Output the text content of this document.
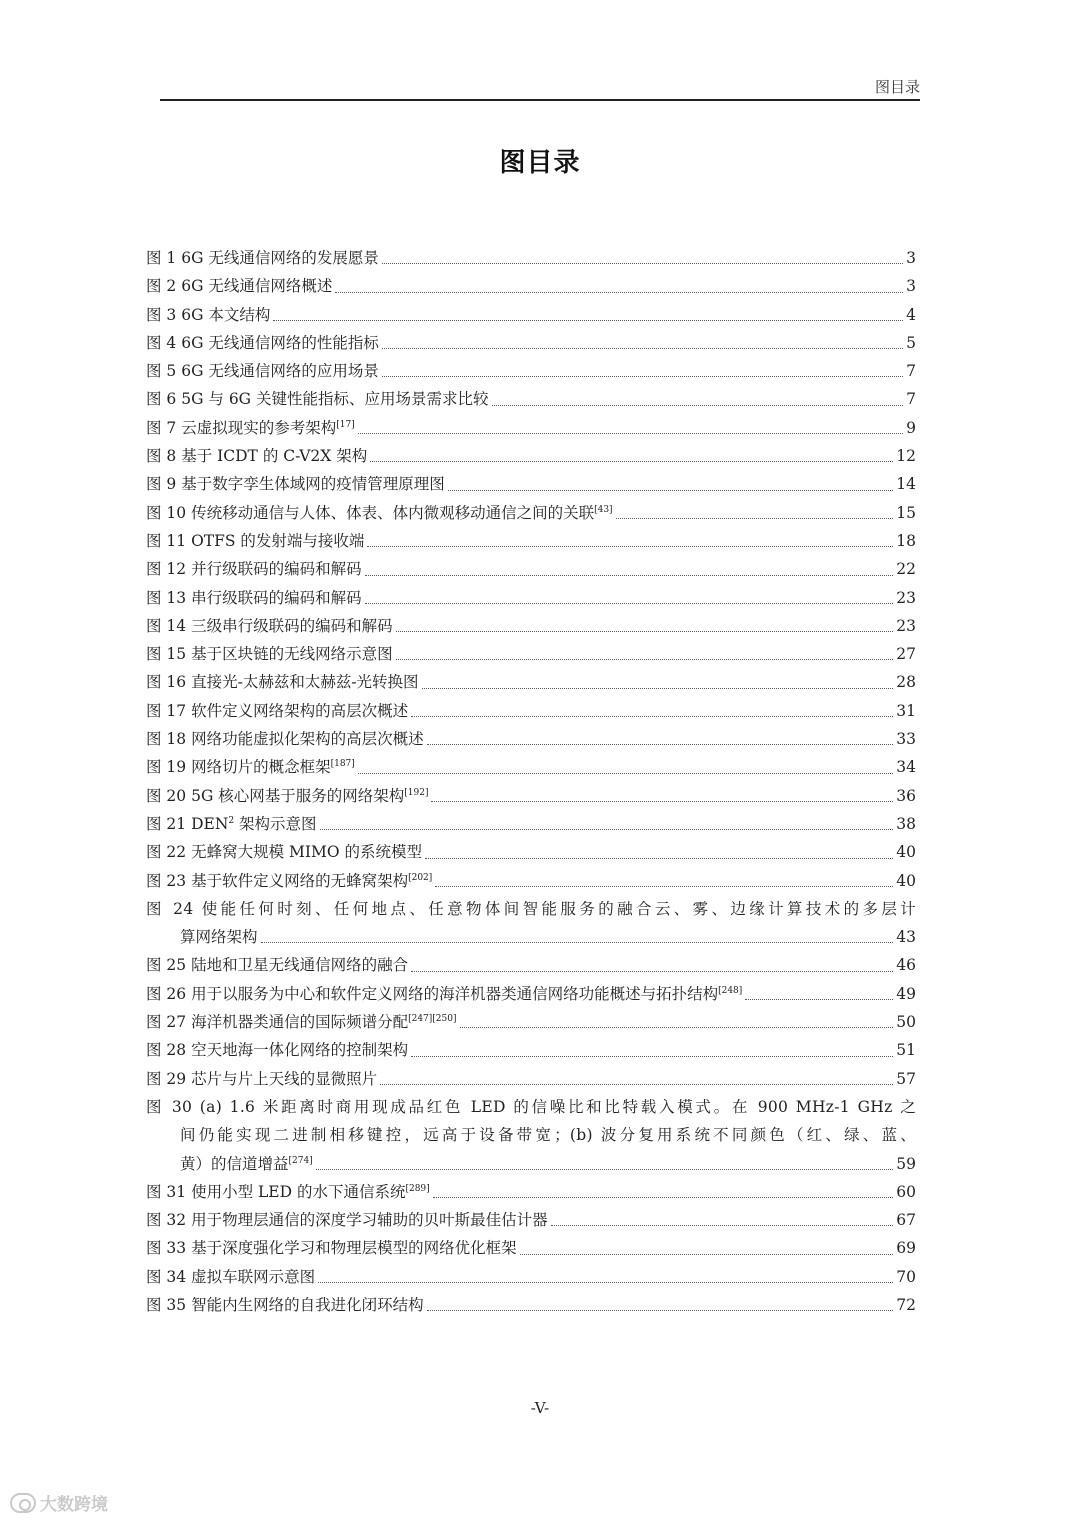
图目录
图目录
图 1 6G 无线通信网络的发展愿景	3
图 2 6G 无线通信网络概述	3
图 3 6G 本文结构	4
图 4 6G 无线通信网络的性能指标	5
图 5 6G 无线通信网络的应用场景	7
图 6 5G 与 6G 关键性能指标、应用场景需求比较	7
图 7 云虚拟现实的参考架构[17]	9
图 8 基于 ICDT 的 C-V2X 架构	12
图 9 基于数字孪生体域网的疫情管理原理图	14
图 10 传统移动通信与人体、体表、体内微观移动通信之间的关联[43]	15
图 11 OTFS 的发射端与接收端	18
图 12 并行级联码的编码和解码	22
图 13 串行级联码的编码和解码	23
图 14 三级串行级联码的编码和解码	23
图 15 基于区块链的无线网络示意图	27
图 16 直接光-太赫兹和太赫兹-光转换图	28
图 17 软件定义网络架构的高层次概述	31
图 18 网络功能虚拟化架构的高层次概述	33
图 19 网络切片的概念框架[187]	34
图 20 5G 核心网基于服务的网络架构[192]	36
图 21 DEN$^2$ 架构示意图	38
图 22 无蜂窝大规模 MIMO 的系统模型	40
图 23 基于软件定义网络的无蜂窝架构[202]	40
图 24 使能任何时刻、任何地点、任意物体间智能服务的融合云、雾、边缘计算技术的多层计
算网络架构	43
图 25 陆地和卫星无线通信网络的融合	46
图 26 用于以服务为中心和软件定义网络的海洋机器类通信网络功能概述与拓扑结构[248]	49
图 27 海洋机器类通信的国际频谱分配[247][250]	50
图 28 空天地海一体化网络的控制架构	51
图 29 芯片与片上天线的显微照片	57
图 30 (a) 1.6 米距离时商用现成品红色 LED 的信噪比和比特载入模式。在 900 MHz-1 GHz 之
间仍能实现二进制相移键控，远高于设备带宽；(b) 波分复用系统不同颜色（红、绿、蓝、
黄）的信道增益[274]	59
图 31 使用小型 LED 的水下通信系统[289]	60
图 32 用于物理层通信的深度学习辅助的贝叶斯最佳估计器	67
图 33 基于深度强化学习和物理层模型的网络优化框架	69
图 34 虚拟车联网示意图	70
图 35 智能内生网络的自我进化闭环结构	72
-V-
大数跨境
